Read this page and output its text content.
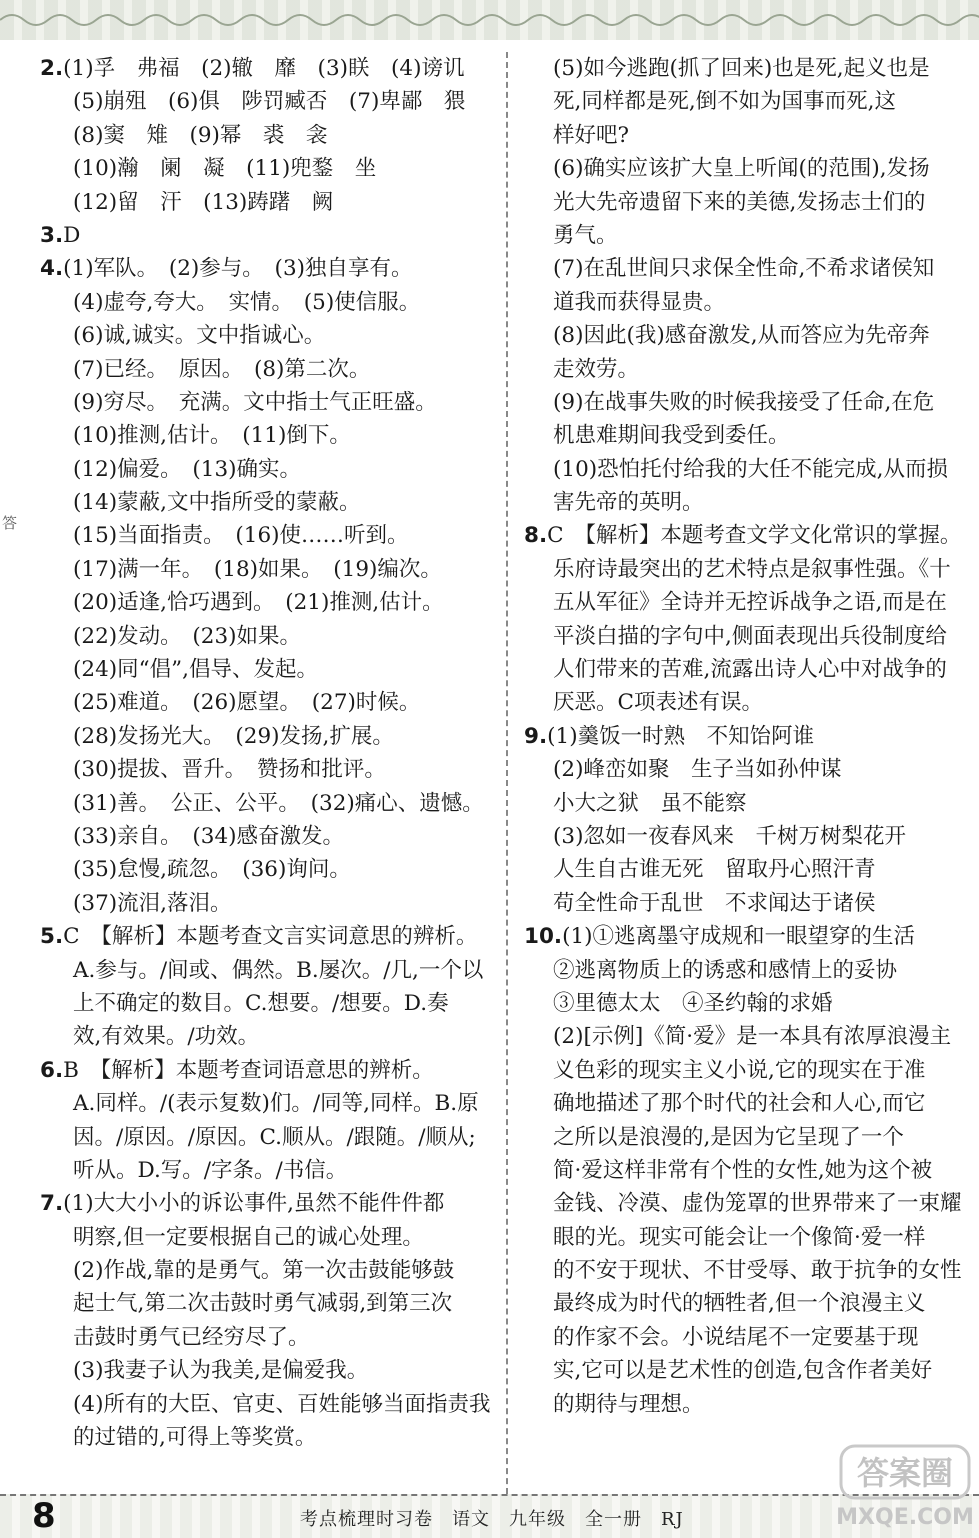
答
2.(1)孚　弗福　(2)辙　靡　(3)眹　(4)谤讥
(5)崩殂　(6)俱　陟罚臧否　(7)卑鄙　猥
(8)窦　雉　(9)幂　裘　衾
(10)瀚　阑　凝　(11)兜鍪　坐
(12)留　汗　(13)踌躇　阙
3.D
4.(1)军队。　(2)参与。　(3)独自享有。
(4)虚夸,夸大。　实情。　(5)使信服。
(6)诚,诚实。文中指诚心。
(7)已经。　原因。　(8)第二次。
(9)穷尽。　充满。文中指士气正旺盛。
(10)推测,估计。　(11)倒下。
(12)偏爱。　(13)确实。
(14)蒙蔽,文中指所受的蒙蔽。
(15)当面指责。　(16)使……听到。
(17)满一年。　(18)如果。　(19)编次。
(20)适逢,恰巧遇到。　(21)推测,估计。
(22)发动。　(23)如果。
(24)同“倡”,倡导、发起。
(25)难道。　(26)愿望。　(27)时候。
(28)发扬光大。　(29)发扬,扩展。
(30)提拔、晋升。　赞扬和批评。
(31)善。　公正、公平。　(32)痛心、遗憾。
(33)亲自。　(34)感奋激发。
(35)怠慢,疏忽。　(36)询问。
(37)流泪,落泪。
5.C　【解析】本题考查文言实词意思的辨析。
A.参与。/间或、偶然。B.屡次。/几,一个以
上不确定的数目。C.想要。/想要。D.奏
效,有效果。/功效。
6.B　【解析】本题考查词语意思的辨析。
A.同样。/(表示复数)们。/同等,同样。B.原
因。/原因。/原因。C.顺从。/跟随。/顺从;
听从。D.写。/字条。/书信。
7.(1)大大小小的诉讼事件,虽然不能件件都
明察,但一定要根据自己的诚心处理。
(2)作战,靠的是勇气。第一次击鼓能够鼓
起士气,第二次击鼓时勇气减弱,到第三次
击鼓时勇气已经穷尽了。
(3)我妻子认为我美,是偏爱我。
(4)所有的大臣、官吏、百姓能够当面指责我
的过错的,可得上等奖赏。
(5)如今逃跑(抓了回来)也是死,起义也是
死,同样都是死,倒不如为国事而死,这
样好吧?
(6)确实应该扩大皇上听闻(的范围),发扬
光大先帝遗留下来的美德,发扬志士们的
勇气。
(7)在乱世间只求保全性命,不希求诸侯知
道我而获得显贵。
(8)因此(我)感奋激发,从而答应为先帝奔
走效劳。
(9)在战事失败的时候我接受了任命,在危
机患难期间我受到委任。
(10)恐怕托付给我的大任不能完成,从而损
害先帝的英明。
8.C　【解析】本题考查文学文化常识的掌握。
乐府诗最突出的艺术特点是叙事性强。《十
五从军征》全诗并无控诉战争之语,而是在
平淡白描的字句中,侧面表现出兵役制度给
人们带来的苦难,流露出诗人心中对战争的
厌恶。C项表述有误。
9.(1)羹饭一时熟　不知饴阿谁
(2)峰峦如聚　生子当如孙仲谋
小大之狱　虽不能察
(3)忽如一夜春风来　千树万树梨花开
人生自古谁无死　留取丹心照汗青
苟全性命于乱世　不求闻达于诸侯
10.(1)①逃离墨守成规和一眼望穿的生活
②逃离物质上的诱惑和感情上的妥协
③里德太太　④圣约翰的求婚
(2)[示例]《简·爱》是一本具有浓厚浪漫主
义色彩的现实主义小说,它的现实在于准
确地描述了那个时代的社会和人心,而它
之所以是浪漫的,是因为它呈现了一个
简·爱这样非常有个性的女性,她为这个被
金钱、冷漠、虚伪笼罩的世界带来了一束耀
眼的光。现实可能会让一个像简·爱一样
的不安于现状、不甘受辱、敢于抗争的女性
最终成为时代的牺牲者,但一个浪漫主义
的作家不会。小说结尾不一定要基于现
实,它可以是艺术性的创造,包含作者美好
的期待与理想。
8	考点梳理时习卷　语文　九年级　全一册　RJ
答案圈
MXQE.COM
